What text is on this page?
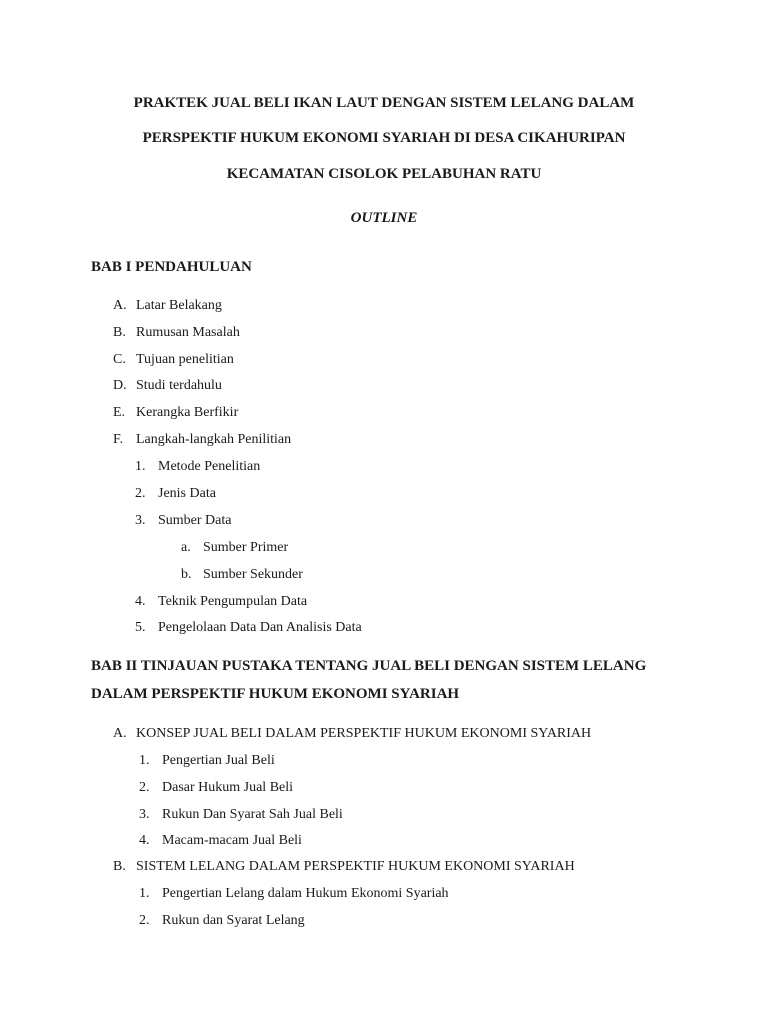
PRAKTEK JUAL BELI IKAN LAUT DENGAN SISTEM LELANG DALAM
PERSPEKTIF HUKUM EKONOMI SYARIAH DI DESA CIKAHURIPAN
KECAMATAN CISOLOK PELABUHAN RATU
OUTLINE
BAB I PENDAHULUAN
A. Latar Belakang
B. Rumusan Masalah
C. Tujuan penelitian
D. Studi terdahulu
E. Kerangka Berfikir
F. Langkah-langkah Penilitian
1. Metode Penelitian
2. Jenis Data
3. Sumber Data
a. Sumber Primer
b. Sumber Sekunder
4. Teknik Pengumpulan Data
5. Pengelolaan Data Dan Analisis Data
BAB II TINJAUAN PUSTAKA TENTANG JUAL BELI DENGAN SISTEM LELANG
DALAM PERSPEKTIF HUKUM EKONOMI SYARIAH
A. KONSEP JUAL BELI DALAM PERSPEKTIF HUKUM EKONOMI SYARIAH
1. Pengertian Jual Beli
2. Dasar Hukum Jual Beli
3. Rukun Dan Syarat Sah Jual Beli
4. Macam-macam Jual Beli
B. SISTEM LELANG DALAM PERSPEKTIF HUKUM EKONOMI SYARIAH
1. Pengertian Lelang dalam Hukum Ekonomi Syariah
2. Rukun dan Syarat Lelang
